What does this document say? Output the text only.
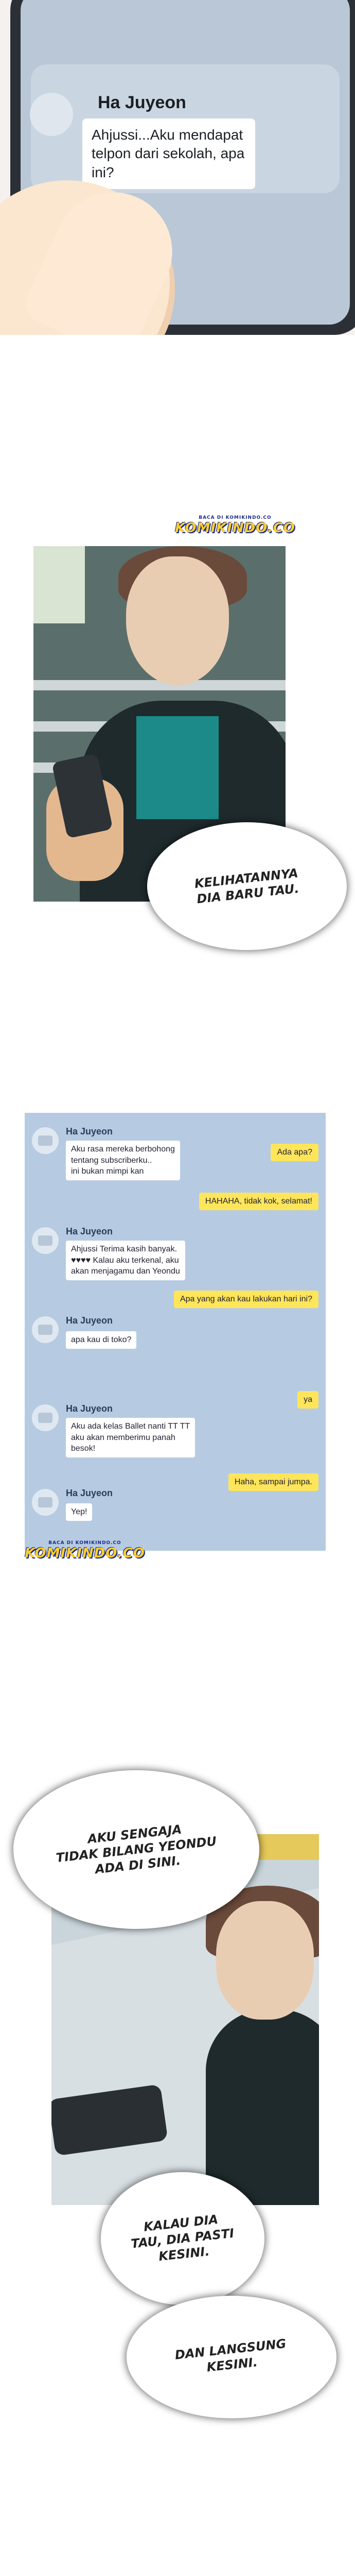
Ha Juyeon
Ahjussi...Aku mendapat telpon dari sekolah, apa ini?
BACA DI KOMIKINDO.CO
KOMIKINDO.CO
KELIHATANNYA
DIA BARU TAU.
Ha Juyeon
Aku rasa mereka berbohong
tentang subscriberku..
ini bukan mimpi kan
Ada apa?
HAHAHA, tidak kok, selamat!
Ha Juyeon
Ahjussi Terima kasih banyak.
♥♥♥♥ Kalau aku terkenal, aku
akan menjagamu dan Yeondu
Apa yang akan kau lakukan hari ini?
Ha Juyeon
apa kau di toko?
ya
Ha Juyeon
Aku ada kelas Ballet nanti TT TT
aku akan memberimu panah
besok!
Haha, sampai jumpa.
Ha Juyeon
Yep!
BACA DI KOMIKINDO.CO
KOMIKINDO.CO
AKU SENGAJA
TIDAK BILANG YEONDU
ADA DI SINI.
KALAU DIA
TAU, DIA PASTI
KESINI.
DAN LANGSUNG
KESINI.
